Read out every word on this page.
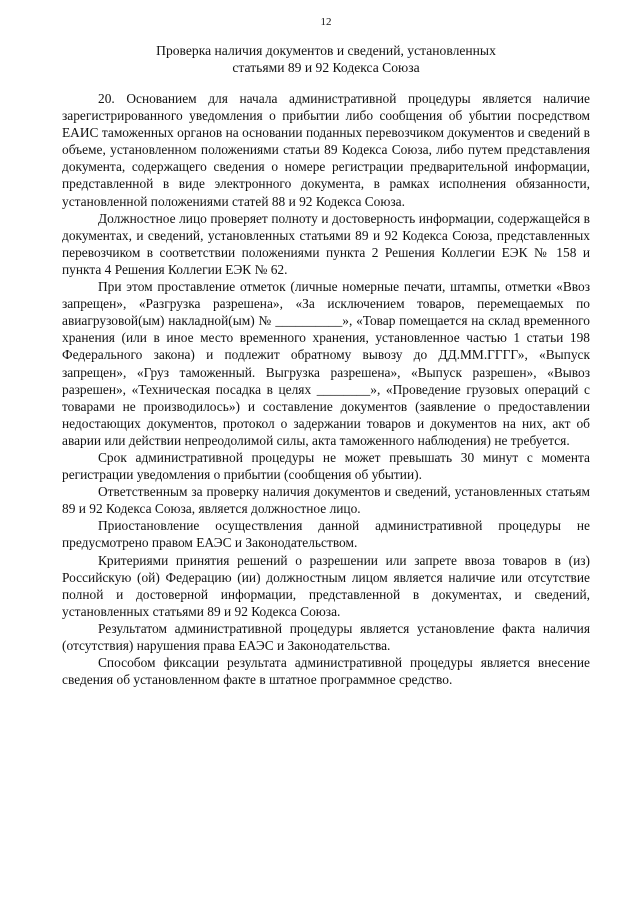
12
Проверка наличия документов и сведений, установленных
статьями 89 и 92 Кодекса Союза

20. Основанием для начала административной процедуры является наличие зарегистрированного уведомления о прибытии либо сообщения об убытии посредством ЕАИС таможенных органов на основании поданных перевозчиком документов и сведений в объеме, установленном положениями статьи 89 Кодекса Союза, либо путем представления документа, содержащего сведения о номере регистрации предварительной информации, представленной в виде электронного документа, в рамках исполнения обязанности, установленной положениями статей 88 и 92 Кодекса Союза.

Должностное лицо проверяет полноту и достоверность информации, содержащейся в документах, и сведений, установленных статьями 89 и 92 Кодекса Союза, представленных перевозчиком в соответствии положениями пункта 2 Решения Коллегии ЕЭК № 158 и пункта 4 Решения Коллегии ЕЭК № 62.

При этом проставление отметок (личные номерные печати, штампы, отметки «Ввоз запрещен», «Разгрузка разрешена», «За исключением товаров, перемещаемых по авиагрузовой(ым) накладной(ым) № __________», «Товар помещается на склад временного хранения (или в иное место временного хранения, установленное частью 1 статьи 198 Федерального закона) и подлежит обратному вывозу до ДД.ММ.ГГГГ», «Выпуск запрещен», «Груз таможенный. Выгрузка разрешена», «Выпуск разрешен», «Вывоз разрешен», «Техническая посадка в целях ________», «Проведение грузовых операций с товарами не производилось») и составление документов (заявление о предоставлении недостающих документов, протокол о задержании товаров и документов на них, акт об аварии или действии непреодолимой силы, акта таможенного наблюдения) не требуется.

Срок административной процедуры не может превышать 30 минут с момента регистрации уведомления о прибытии (сообщения об убытии).

Ответственным за проверку наличия документов и сведений, установленных статьям 89 и 92 Кодекса Союза, является должностное лицо.

Приостановление осуществления данной административной процедуры не предусмотрено правом ЕАЭС и Законодательством.

Критериями принятия решений о разрешении или запрете ввоза товаров в (из) Российскую (ой) Федерацию (ии) должностным лицом является наличие или отсутствие полной и достоверной информации, представленной в документах, и сведений, установленных статьями 89 и 92 Кодекса Союза.

Результатом административной процедуры является установление факта наличия (отсутствия) нарушения права ЕАЭС и Законодательства.

Способом фиксации результата административной процедуры является внесение сведения об установленном факте в штатное программное средство.
